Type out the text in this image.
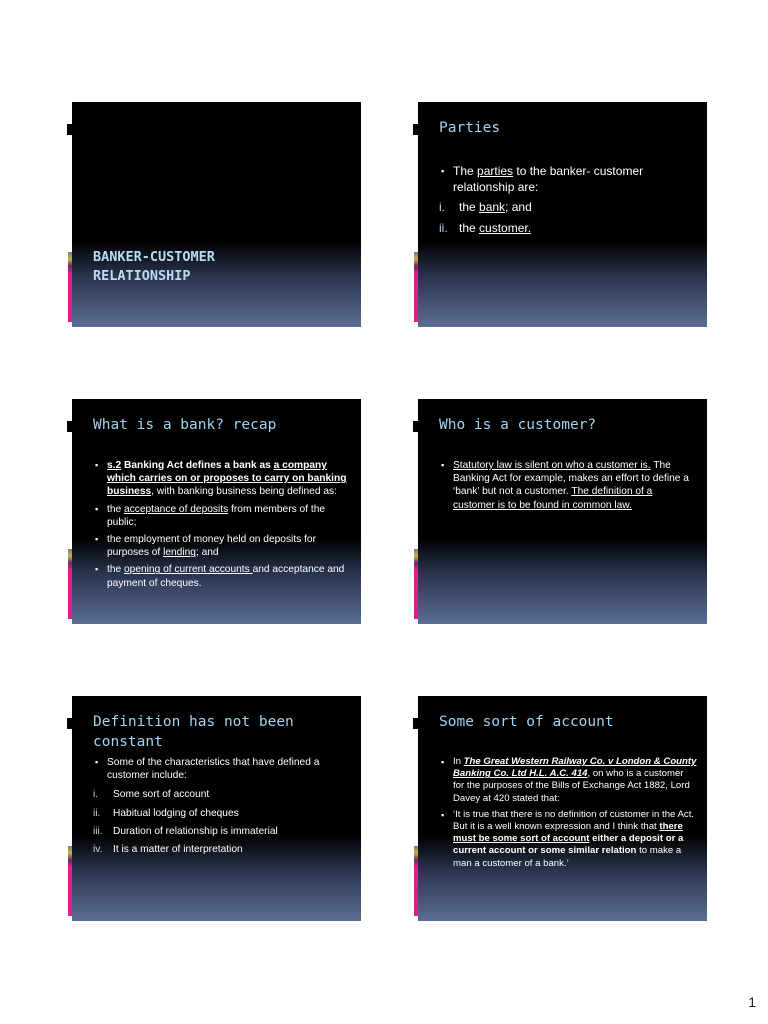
BANKER-CUSTOMER
RELATIONSHIP
Parties
▪ The parties to the banker- customer relationship are:
i. the bank; and
ii. the customer.
What is a bank? recap
▪ s.2 Banking Act defines a bank as a company which carries on or proposes to carry on banking business, with banking business being defined as:
▪ the acceptance of deposits from members of the public;
▪ the employment of money held on deposits for purposes of lending; and
▪ the opening of current accounts and acceptance and payment of cheques.
Who is a customer?
▪ Statutory law is silent on who a customer is. The Banking Act for example, makes an effort to define a ‘bank’ but not a customer. The definition of a customer is to be found in common law.
Definition has not been constant
▪ Some of the characteristics that have defined a customer include:
i. Some sort of account
ii. Habitual lodging of cheques
iii. Duration of relationship is immaterial
iv. It is a matter of interpretation
Some sort of account
▪ In The Great Western Railway Co. v London & County Banking Co. Ltd H.L. A.C. 414, on who is a customer for the purposes of the Bills of Exchange Act 1882, Lord Davey at 420 stated that:
▪ ‘It is true that there is no definition of customer in the Act. But it is a well known expression and I think that there must be some sort of account either a deposit or a current account or some similar relation to make a man a customer of a bank.’
1
